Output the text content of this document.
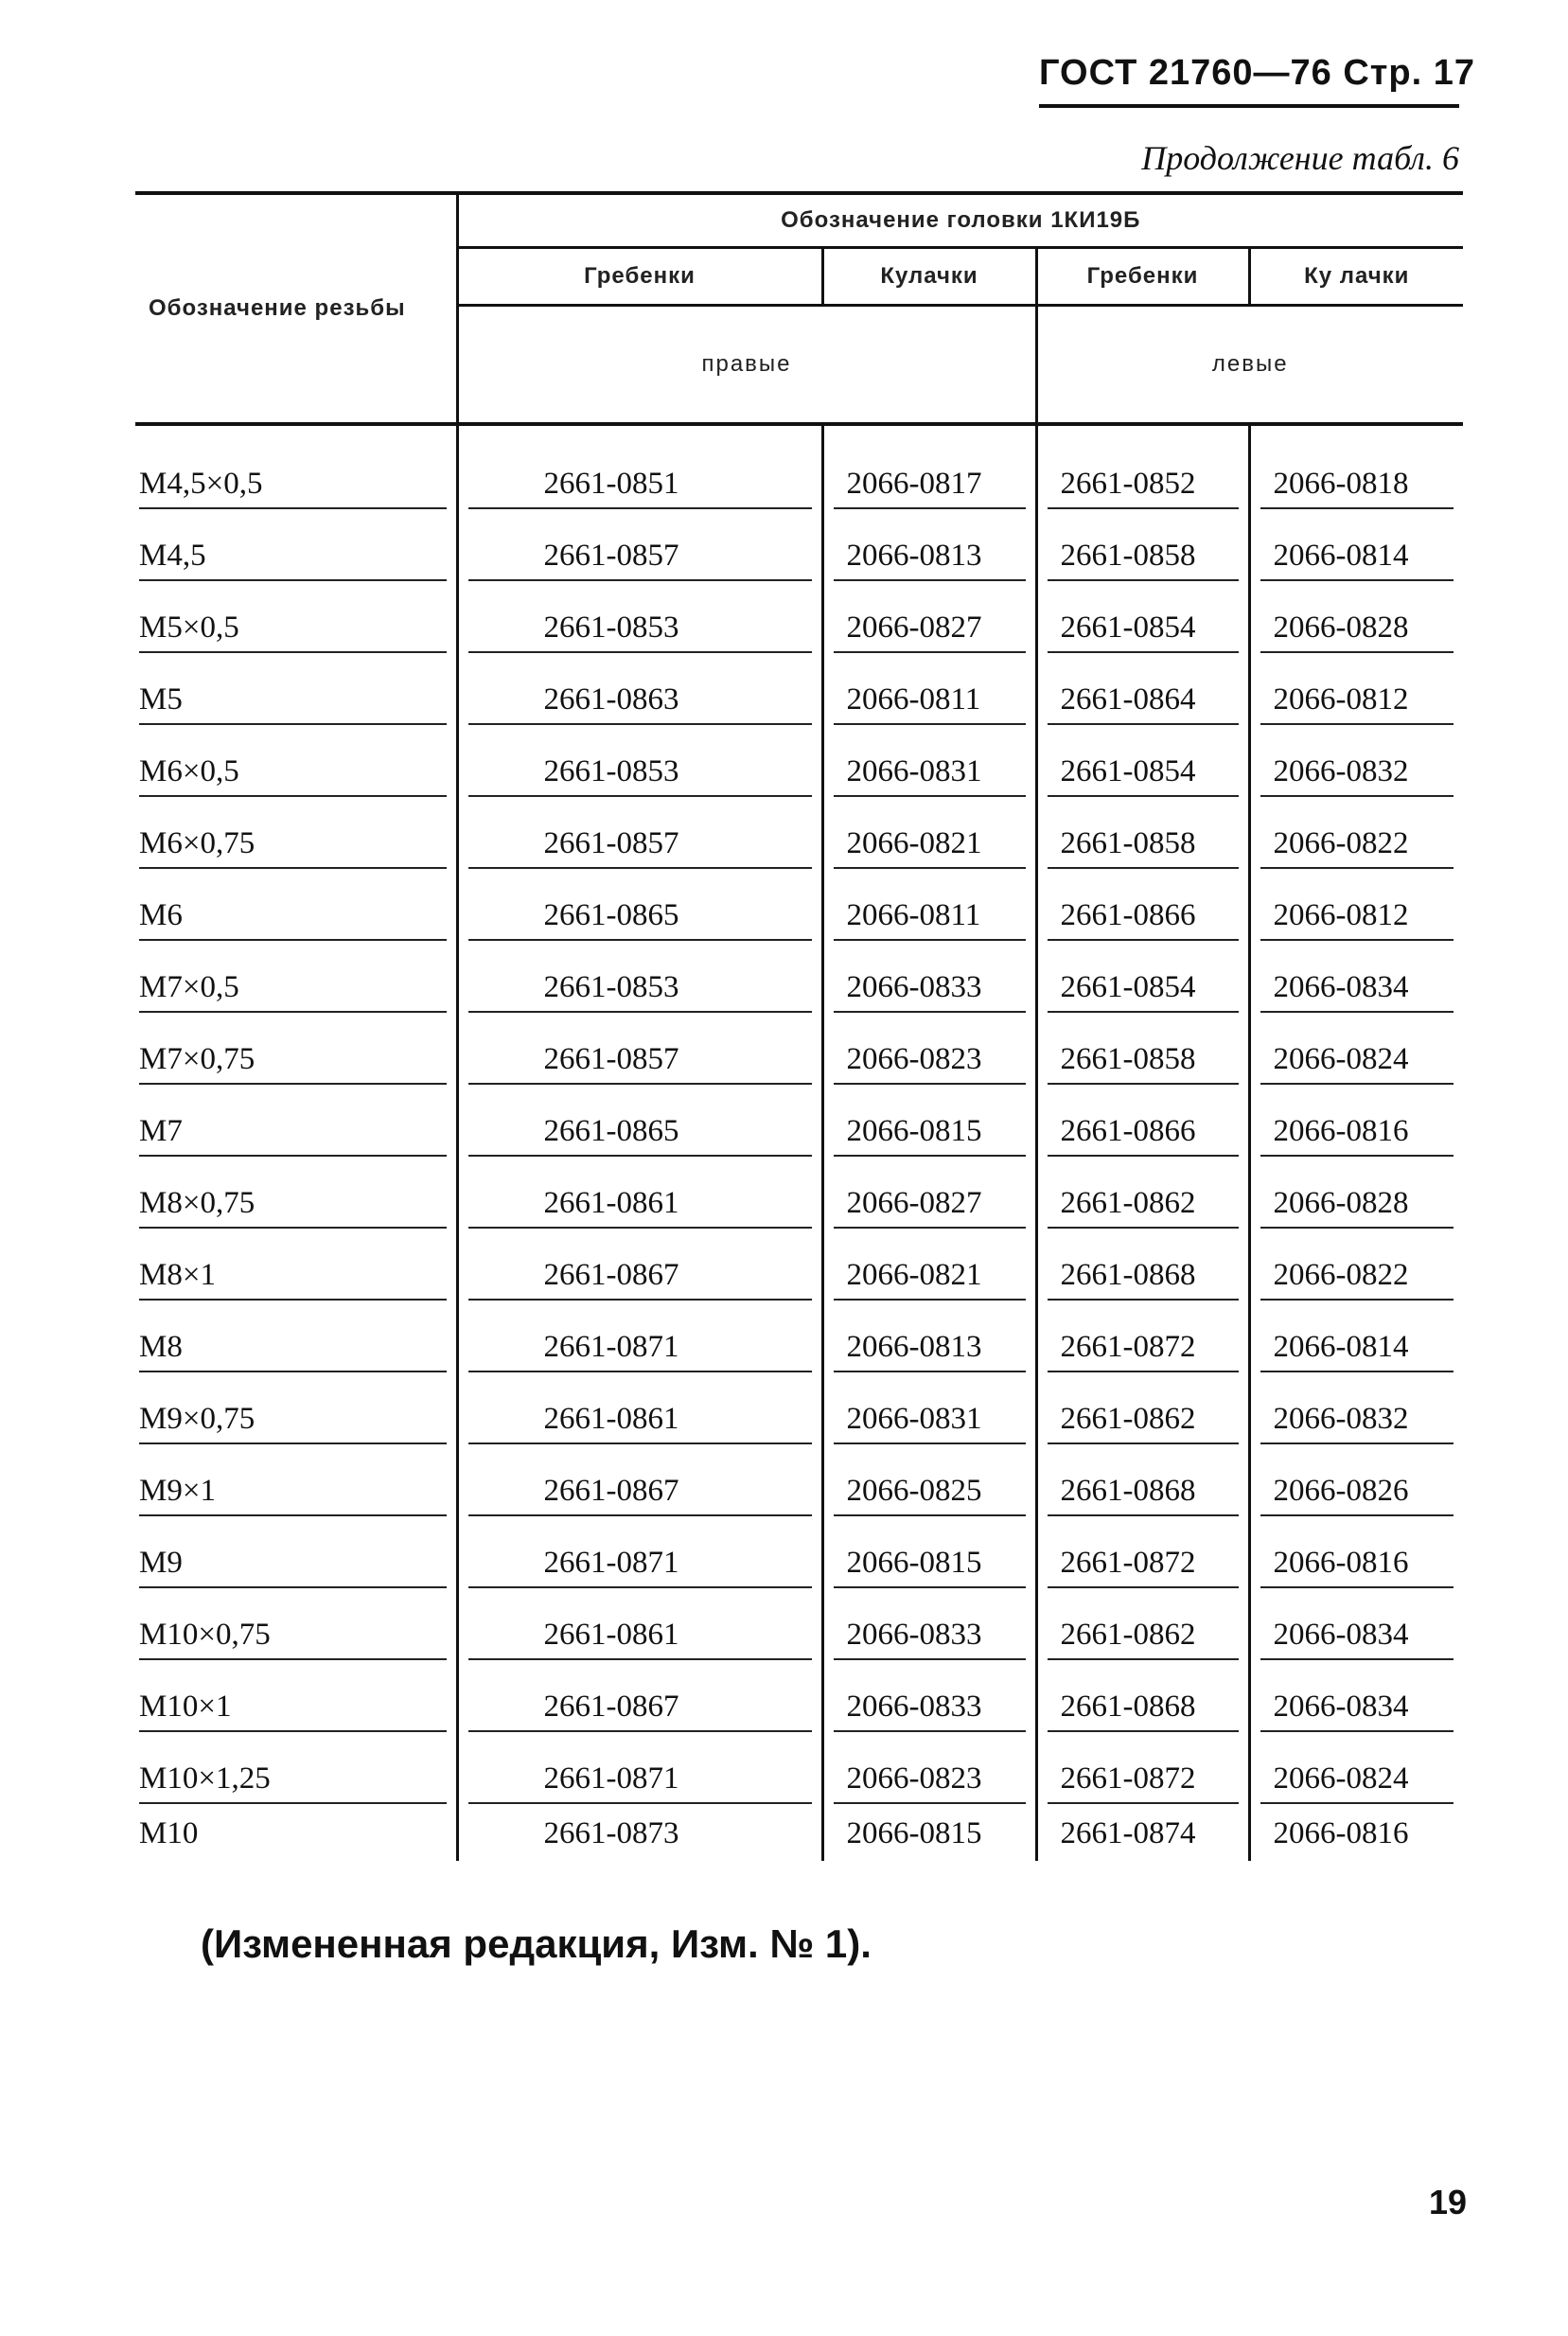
ГОСТ 21760—76 Стр. 17
Продолжение табл. 6
Обозначение резьбы	Обозначение головки 1КИ19Б			
	Гребенки	Кулачки	Гребенки	Ку лачки
	правые		левые	

M4,5×0,5	2661-0851	2066-0817	2661-0852	2066-0818

M4,5	2661-0857	2066-0813	2661-0858	2066-0814

M5×0,5	2661-0853	2066-0827	2661-0854	2066-0828

M5	2661-0863	2066-0811	2661-0864	2066-0812

M6×0,5	2661-0853	2066-0831	2661-0854	2066-0832

M6×0,75	2661-0857	2066-0821	2661-0858	2066-0822

M6	2661-0865	2066-0811	2661-0866	2066-0812

M7×0,5	2661-0853	2066-0833	2661-0854	2066-0834

M7×0,75	2661-0857	2066-0823	2661-0858	2066-0824

M7	2661-0865	2066-0815	2661-0866	2066-0816

M8×0,75	2661-0861	2066-0827	2661-0862	2066-0828

M8×1	2661-0867	2066-0821	2661-0868	2066-0822

M8	2661-0871	2066-0813	2661-0872	2066-0814

M9×0,75	2661-0861	2066-0831	2661-0862	2066-0832

M9×1	2661-0867	2066-0825	2661-0868	2066-0826

M9	2661-0871	2066-0815	2661-0872	2066-0816

M10×0,75	2661-0861	2066-0833	2661-0862	2066-0834

M10×1	2661-0867	2066-0833	2661-0868	2066-0834

M10×1,25	2661-0871	2066-0823	2661-0872	2066-0824

M10	2661-0873	2066-0815	2661-0874	2066-0816
(Измененная редакция, Изм. № 1).
19
